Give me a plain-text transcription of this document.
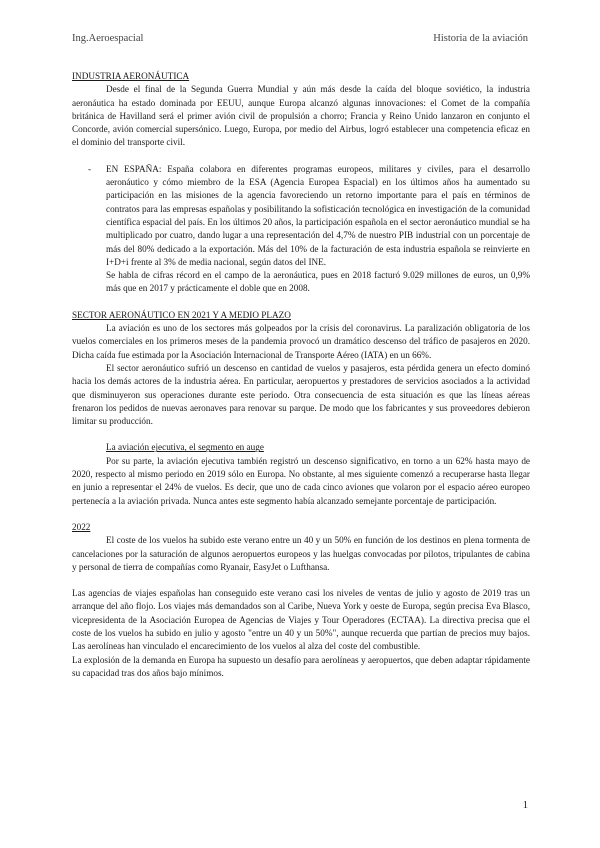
Ing.Aeroespacial	Historia de la aviación

INDUSTRIA AERONÁUTICA

Desde el final de la Segunda Guerra Mundial y aún más desde la caída del bloque soviético, la industria aeronáutica ha estado dominada por EEUU, aunque Europa alcanzó algunas innovaciones: el Comet de la compañía británica de Havilland será el primer avión civil de propulsión a chorro; Francia y Reino Unido lanzaron en conjunto el Concorde, avión comercial supersónico. Luego, Europa, por medio del Airbus, logró establecer una competencia eficaz en el dominio del transporte civil.

- EN ESPAÑA: España colabora en diferentes programas europeos, militares y civiles, para el desarrollo aeronáutico y cómo miembro de la ESA (Agencia Europea Espacial) en los últimos años ha aumentado su participación en las misiones de la agencia favoreciendo un retorno importante para el país en términos de contratos para las empresas españolas y posibilitando la sofisticación tecnológica en investigación de la comunidad científica espacial del país. En los últimos 20 años, la participación española en el sector aeronáutico mundial se ha multiplicado por cuatro, dando lugar a una representación del 4,7% de nuestro PIB industrial con un porcentaje de más del 80% dedicado a la exportación. Más del 10% de la facturación de esta industria española se reinvierte en I+D+i frente al 3% de media nacional, según datos del INE.

Se habla de cifras récord en el campo de la aeronáutica, pues en 2018 facturó 9.029 millones de euros, un 0,9% más que en 2017 y prácticamente el doble que en 2008.

SECTOR AERONÁUTICO EN 2021 Y A MEDIO PLAZO

La aviación es uno de los sectores más golpeados por la crisis del coronavirus. La paralización obligatoria de los vuelos comerciales en los primeros meses de la pandemia provocó un dramático descenso del tráfico de pasajeros en 2020. Dicha caída fue estimada por la Asociación Internacional de Transporte Aéreo (IATA) en un 66%.

El sector aeronáutico sufrió un descenso en cantidad de vuelos y pasajeros, esta pérdida genera un efecto dominó hacia los demás actores de la industria aérea. En particular, aeropuertos y prestadores de servicios asociados a la actividad que disminuyeron sus operaciones durante este periodo. Otra consecuencia de esta situación es que las líneas aéreas frenaron los pedidos de nuevas aeronaves para renovar su parque. De modo que los fabricantes y sus proveedores debieron limitar su producción.

La aviación ejecutiva, el segmento en auge

Por su parte, la aviación ejecutiva también registró un descenso significativo, en torno a un 62% hasta mayo de 2020, respecto al mismo periodo en 2019 sólo en Europa. No obstante, al mes siguiente comenzó a recuperarse hasta llegar en junio a representar el 24% de vuelos. Es decir, que uno de cada cinco aviones que volaron por el espacio aéreo europeo pertenecía a la aviación privada. Nunca antes este segmento había alcanzado semejante porcentaje de participación.

2022

El coste de los vuelos ha subido este verano entre un 40 y un 50% en función de los destinos en plena tormenta de cancelaciones por la saturación de algunos aeropuertos europeos y las huelgas convocadas por pilotos, tripulantes de cabina y personal de tierra de compañías como Ryanair, EasyJet o Lufthansa.

Las agencias de viajes españolas han conseguido este verano casi los niveles de ventas de julio y agosto de 2019 tras un arranque del año flojo. Los viajes más demandados son al Caribe, Nueva York y oeste de Europa, según precisa Eva Blasco, vicepresidenta de la Asociación Europea de Agencias de Viajes y Tour Operadores (ECTAA). La directiva precisa que el coste de los vuelos ha subido en julio y agosto "entre un 40 y un 50%", aunque recuerda que partían de precios muy bajos. Las aerolíneas han vinculado el encarecimiento de los vuelos al alza del coste del combustible.

La explosión de la demanda en Europa ha supuesto un desafío para aerolíneas y aeropuertos, que deben adaptar rápidamente su capacidad tras dos años bajo mínimos.

1
